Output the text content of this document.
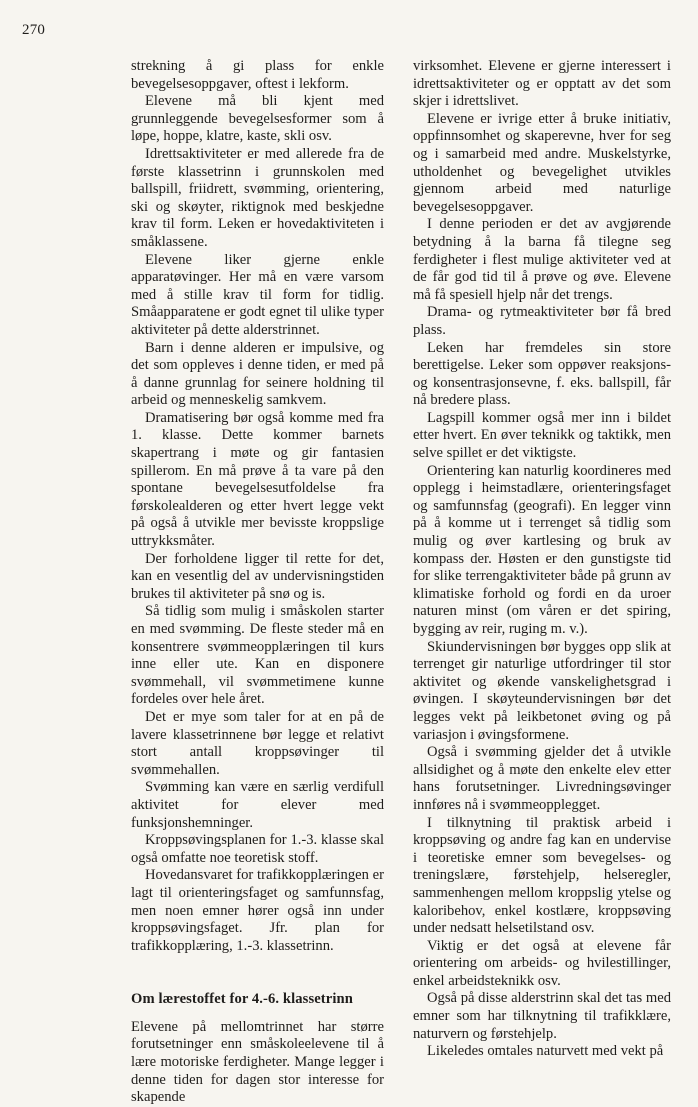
270

strekning å gi plass for enkle bevegelsesoppgaver, oftest i lekform.

Elevene må bli kjent med grunnleggende bevegelsesformer som å løpe, hoppe, klatre, kaste, skli osv.

Idrettsaktiviteter er med allerede fra de første klassetrinn i grunnskolen med ballspill, friidrett, svømming, orientering, ski og skøyter, riktignok med beskjedne krav til form. Leken er hovedaktiviteten i småklassene.

Elevene liker gjerne enkle apparatøvinger. Her må en være varsom med å stille krav til form for tidlig. Småapparatene er godt egnet til ulike typer aktiviteter på dette alderstrinnet.

Barn i denne alderen er impulsive, og det som oppleves i denne tiden, er med på å danne grunnlag for seinere holdning til arbeid og menneskelig samkvem.

Dramatisering bør også komme med fra 1. klasse. Dette kommer barnets skapertrang i møte og gir fantasien spillerom. En må prøve å ta vare på den spontane bevegelsesutfoldelse fra førskolealderen og etter hvert legge vekt på også å utvikle mer bevisste kroppslige uttrykksmåter.

Der forholdene ligger til rette for det, kan en vesentlig del av undervisningstiden brukes til aktiviteter på snø og is.

Så tidlig som mulig i småskolen starter en med svømming. De fleste steder må en konsentrere svømmeopplæringen til kurs inne eller ute. Kan en disponere svømmehall, vil svømmetimene kunne fordeles over hele året.

Det er mye som taler for at en på de lavere klassetrinnene bør legge et relativt stort antall kroppsøvinger til svømmehallen.

Svømming kan være en særlig verdifull aktivitet for elever med funksjonshemninger.

Kroppsøvingsplanen for 1.-3. klasse skal også omfatte noe teoretisk stoff.

Hovedansvaret for trafikkopplæringen er lagt til orienteringsfaget og samfunnsfag, men noen emner hører også inn under kroppsøvingsfaget. Jfr. plan for trafikkopplæring, 1.-3. klassetrinn.

Om lærestoffet for 4.-6. klassetrinn

Elevene på mellomtrinnet har større forutsetninger enn småskoleelevene til å lære motoriske ferdigheter. Mange legger i denne tiden for dagen stor interesse for skapende

virksomhet. Elevene er gjerne interessert i idrettsaktiviteter og er opptatt av det som skjer i idrettslivet.

Elevene er ivrige etter å bruke initiativ, oppfinnsomhet og skaperevne, hver for seg og i samarbeid med andre. Muskelstyrke, utholdenhet og bevegelighet utvikles gjennom arbeid med naturlige bevegelsesoppgaver.

I denne perioden er det av avgjørende betydning å la barna få tilegne seg ferdigheter i flest mulige aktiviteter ved at de får god tid til å prøve og øve. Elevene må få spesiell hjelp når det trengs.

Drama- og rytmeaktiviteter bør få bred plass.

Leken har fremdeles sin store berettigelse. Leker som oppøver reaksjons- og konsentrasjonsevne, f. eks. ballspill, får nå bredere plass.

Lagspill kommer også mer inn i bildet etter hvert. En øver teknikk og taktikk, men selve spillet er det viktigste.

Orientering kan naturlig koordineres med opplegg i heimstadlære, orienteringsfaget og samfunnsfag (geografi). En legger vinn på å komme ut i terrenget så tidlig som mulig og øver kartlesing og bruk av kompass der. Høsten er den gunstigste tid for slike terrengaktiviteter både på grunn av klimatiske forhold og fordi en da uroer naturen minst (om våren er det spiring, bygging av reir, ruging m. v.).

Skiundervisningen bør bygges opp slik at terrenget gir naturlige utfordringer til stor aktivitet og økende vanskelighetsgrad i øvingen. I skøyteundervisningen bør det legges vekt på leikbetonet øving og på variasjon i øvingsformene.

Også i svømming gjelder det å utvikle allsidighet og å møte den enkelte elev etter hans forutsetninger. Livredningsøvinger innføres nå i svømmeopplegget.

I tilknytning til praktisk arbeid i kroppsøving og andre fag kan en undervise i teoretiske emner som bevegelses- og treningslære, førstehjelp, helseregler, sammenhengen mellom kroppslig ytelse og kaloribehov, enkel kostlære, kroppsøving under nedsatt helsetilstand osv.

Viktig er det også at elevene får orientering om arbeids- og hvilestillinger, enkel arbeidsteknikk osv.

Også på disse alderstrinn skal det tas med emner som har tilknytning til trafikklære, naturvern og førstehjelp.

Likeledes omtales naturvett med vekt på
